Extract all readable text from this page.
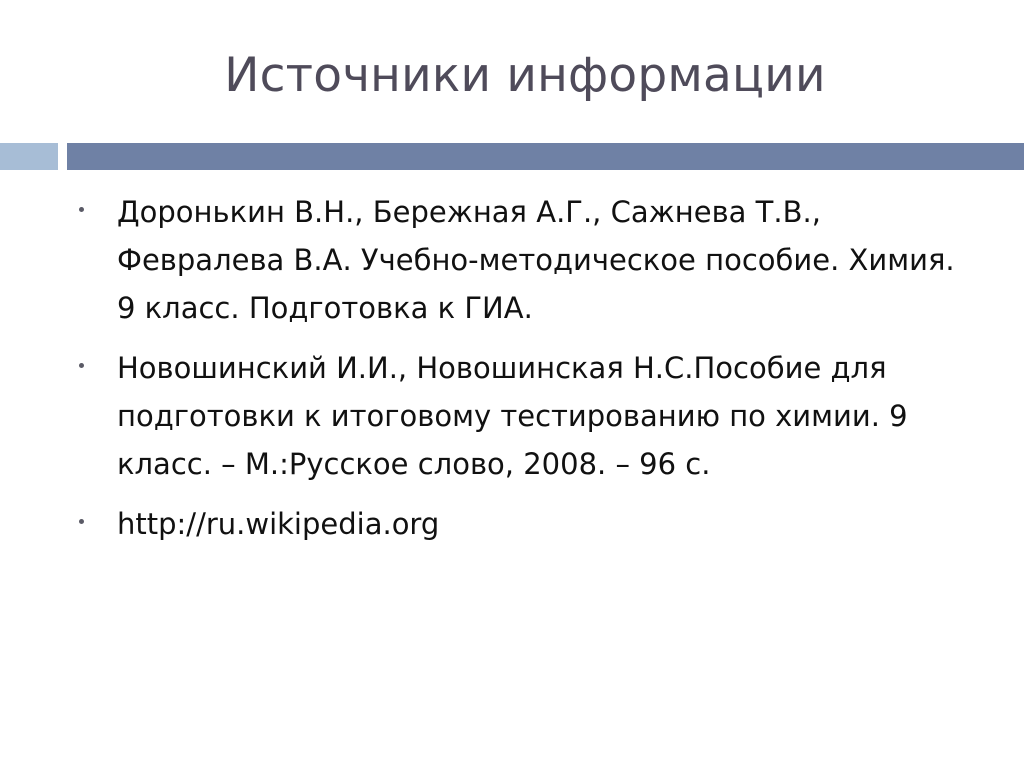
Источники информации
Доронькин В.Н., Бережная А.Г., Сажнева Т.В., Февралева В.А. Учебно-методическое пособие. Химия. 9 класс. Подготовка к ГИА.
Новошинский И.И., Новошинская Н.С.Пособие для подготовки к итоговому тестированию по химии. 9 класс. – М.:Русское слово, 2008. – 96 с.
http://ru.wikipedia.org
